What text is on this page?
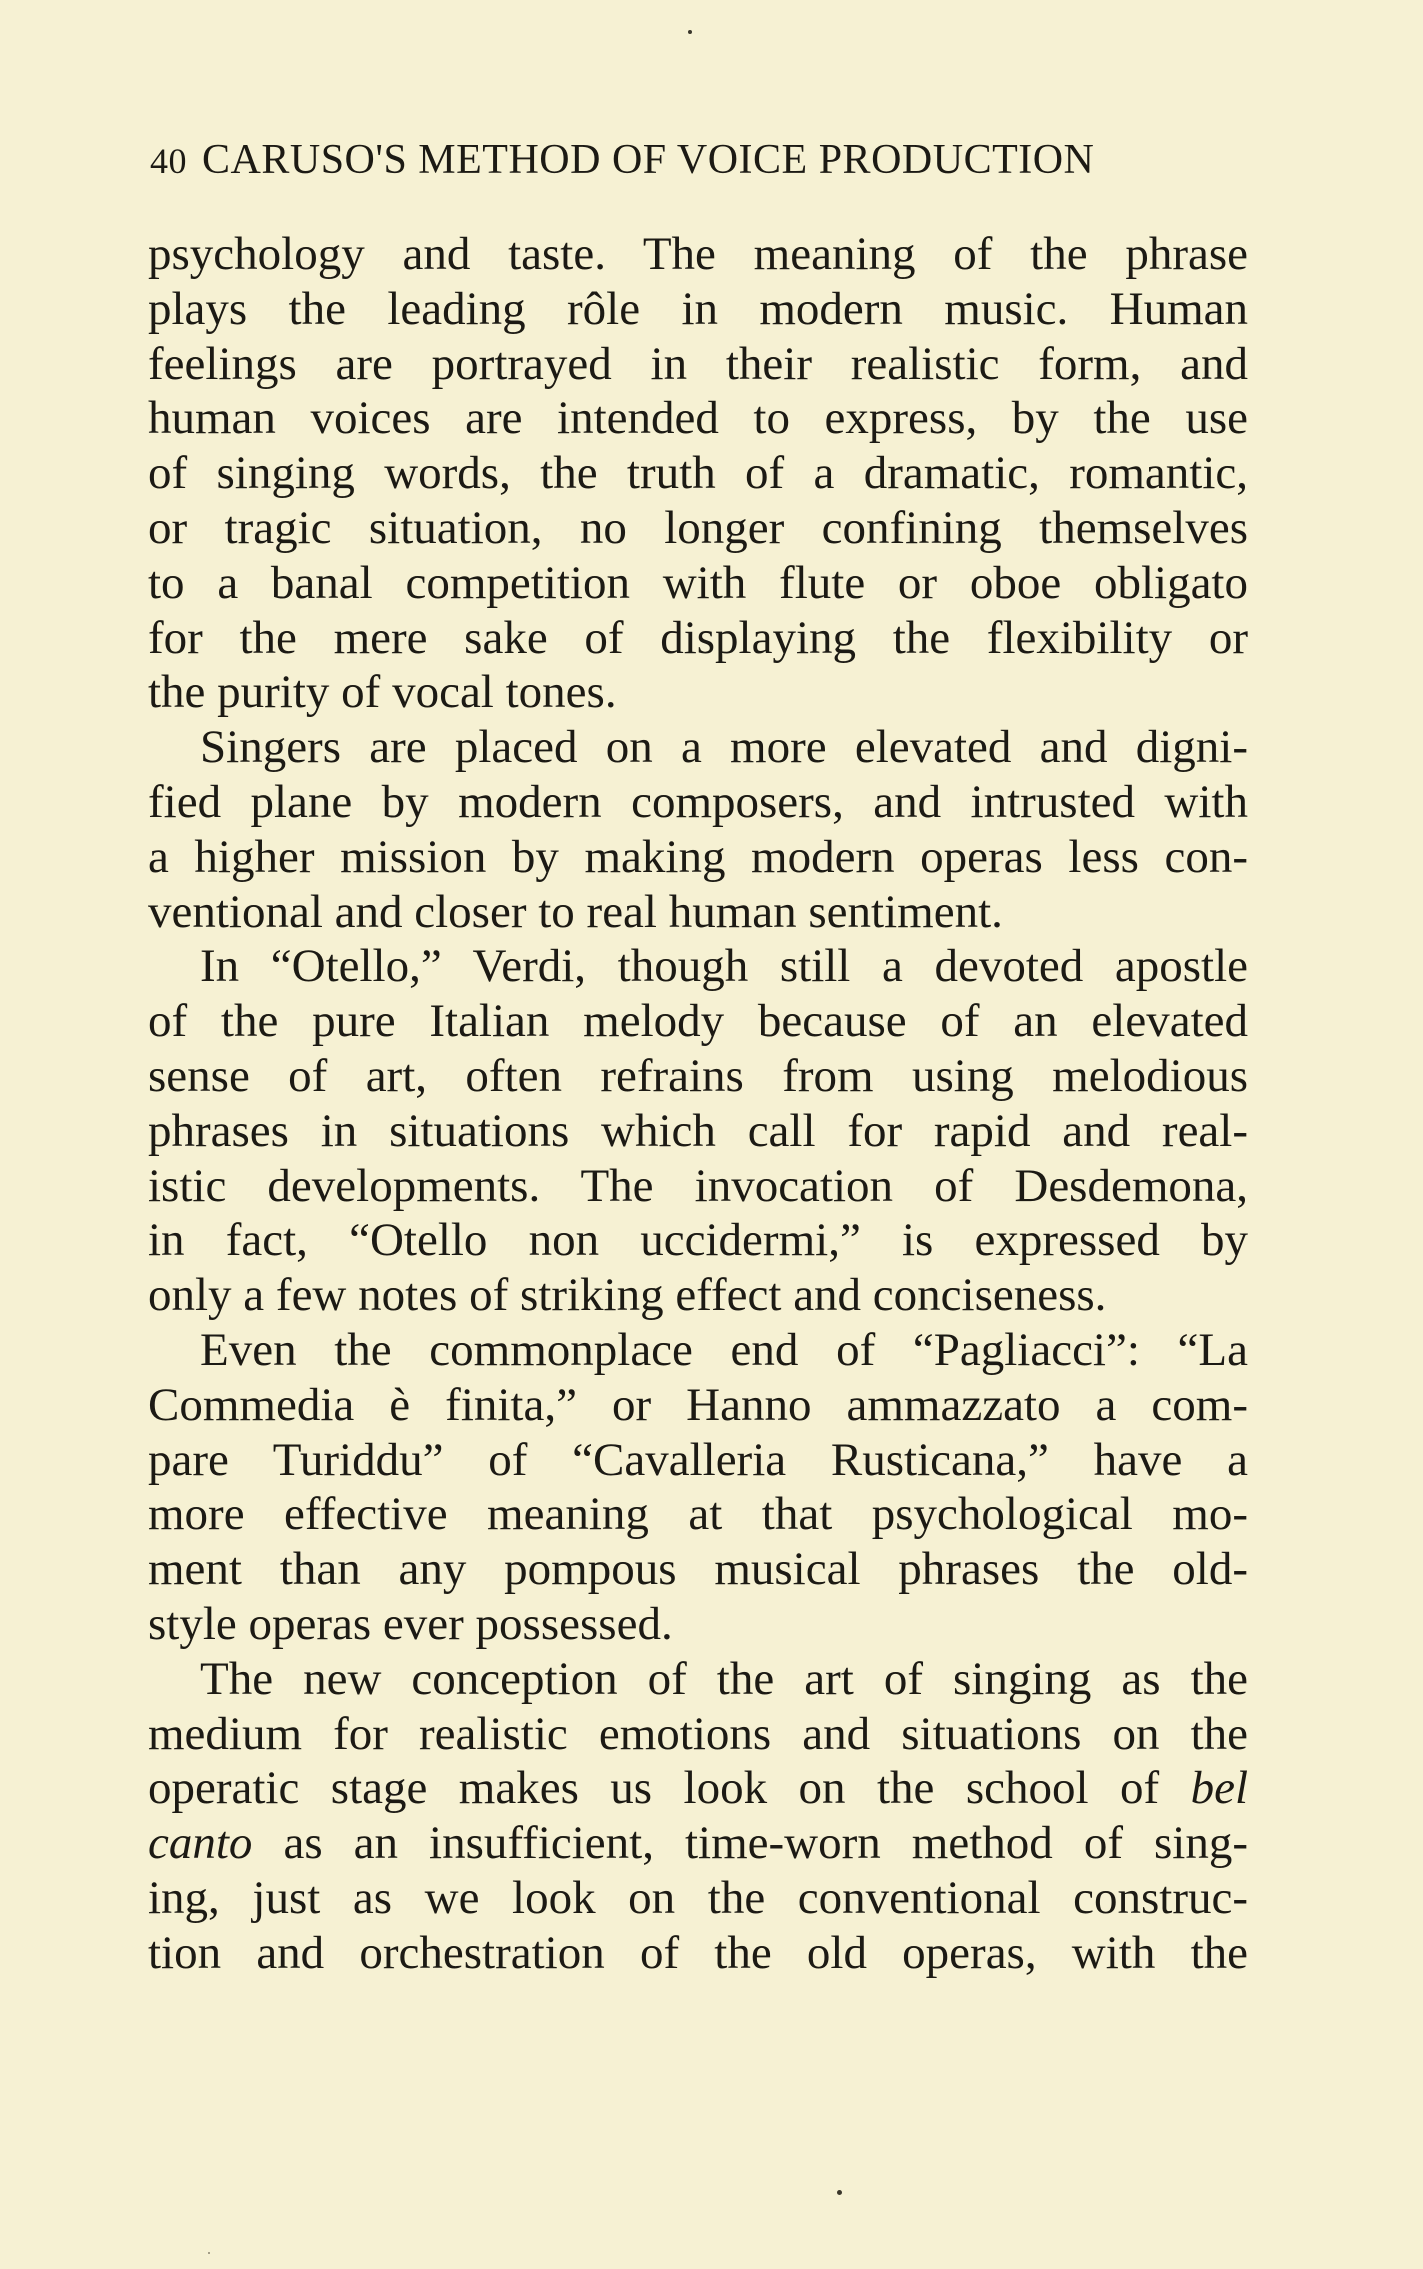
40 CARUSO'S METHOD OF VOICE PRODUCTION
psychology and taste. The meaning of the phrase
plays the leading rôle in modern music. Human
feelings are portrayed in their realistic form, and
human voices are intended to express, by the use
of singing words, the truth of a dramatic, romantic,
or tragic situation, no longer confining themselves
to a banal competition with flute or oboe obligato
for the mere sake of displaying the flexibility or
the purity of vocal tones.
Singers are placed on a more elevated and digni-
fied plane by modern composers, and intrusted with
a higher mission by making modern operas less con-
ventional and closer to real human sentiment.
In “Otello,” Verdi, though still a devoted apostle
of the pure Italian melody because of an elevated
sense of art, often refrains from using melodious
phrases in situations which call for rapid and real-
istic developments. The invocation of Desdemona,
in fact, “Otello non uccidermi,” is expressed by
only a few notes of striking effect and conciseness.
Even the commonplace end of “Pagliacci”: “La
Commedia è finita,” or Hanno ammazzato a com-
pare Turiddu” of “Cavalleria Rusticana,” have a
more effective meaning at that psychological mo-
ment than any pompous musical phrases the old-
style operas ever possessed.
The new conception of the art of singing as the
medium for realistic emotions and situations on the
operatic stage makes us look on the school of bel
canto as an insufficient, time-worn method of sing-
ing, just as we look on the conventional construc-
tion and orchestration of the old operas, with the
